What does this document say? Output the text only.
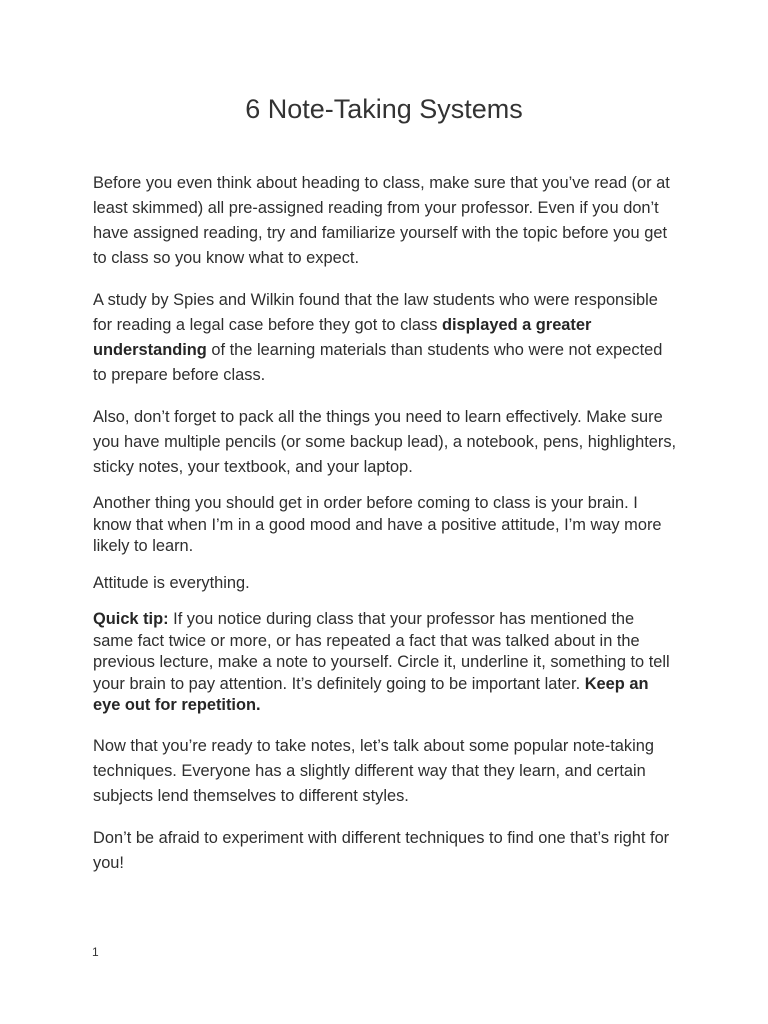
6 Note-Taking Systems

Before you even think about heading to class, make sure that you’ve read (or at least skimmed) all pre-assigned reading from your professor. Even if you don’t have assigned reading, try and familiarize yourself with the topic before you get to class so you know what to expect.

A study by Spies and Wilkin found that the law students who were responsible for reading a legal case before they got to class displayed a greater understanding of the learning materials than students who were not expected to prepare before class.

Also, don’t forget to pack all the things you need to learn effectively. Make sure you have multiple pencils (or some backup lead), a notebook, pens, highlighters, sticky notes, your textbook, and your laptop.

Another thing you should get in order before coming to class is your brain. I know that when I’m in a good mood and have a positive attitude, I’m way more likely to learn.

Attitude is everything.

Quick tip: If you notice during class that your professor has mentioned the same fact twice or more, or has repeated a fact that was talked about in the previous lecture, make a note to yourself. Circle it, underline it, something to tell your brain to pay attention. It’s definitely going to be important later. Keep an eye out for repetition.

Now that you’re ready to take notes, let’s talk about some popular note-taking techniques. Everyone has a slightly different way that they learn, and certain subjects lend themselves to different styles.

Don’t be afraid to experiment with different techniques to find one that’s right for you!

1
